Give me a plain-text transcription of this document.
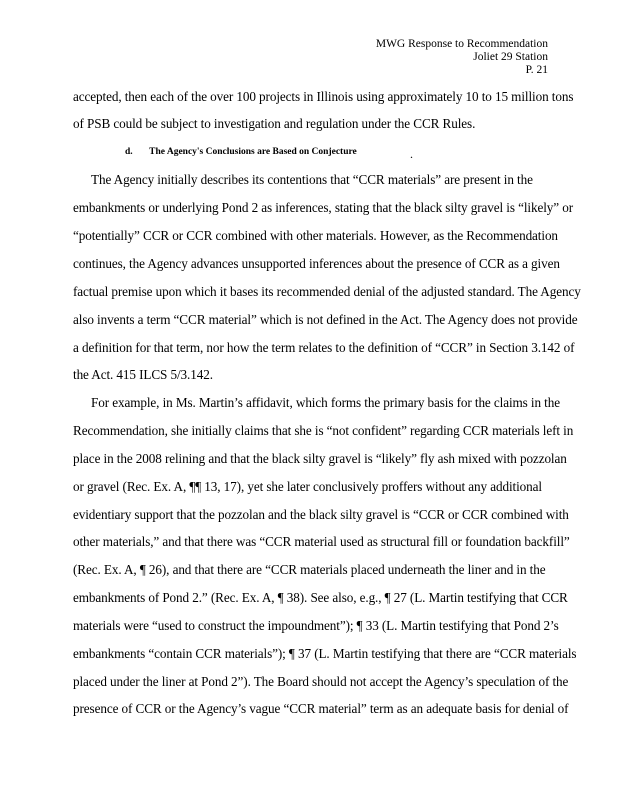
MWG Response to Recommendation
Joliet 29 Station
P. 21
accepted, then each of the over 100 projects in Illinois using approximately 10 to 15 million tons
of PSB could be subject to investigation and regulation under the CCR Rules.
d. The Agency's Conclusions are Based on Conjecture	.
The Agency initially describes its contentions that “CCR materials” are present in the
embankments or underlying Pond 2 as inferences, stating that the black silty gravel is “likely” or
“potentially” CCR or CCR combined with other materials. However, as the Recommendation
continues, the Agency advances unsupported inferences about the presence of CCR as a given
factual premise upon which it bases its recommended denial of the adjusted standard. The Agency
also invents a term “CCR material” which is not defined in the Act. The Agency does not provide
a definition for that term, nor how the term relates to the definition of “CCR” in Section 3.142 of
the Act. 415 ILCS 5/3.142.
For example, in Ms. Martin’s affidavit, which forms the primary basis for the claims in the
Recommendation, she initially claims that she is “not confident” regarding CCR materials left in
place in the 2008 relining and that the black silty gravel is “likely” fly ash mixed with pozzolan
or gravel (Rec. Ex. A, ¶¶ 13, 17), yet she later conclusively proffers without any additional
evidentiary support that the pozzolan and the black silty gravel is “CCR or CCR combined with
other materials,” and that there was “CCR material used as structural fill or foundation backfill”
(Rec. Ex. A, ¶ 26), and that there are “CCR materials placed underneath the liner and in the
embankments of Pond 2.” (Rec. Ex. A, ¶ 38). See also, e.g., ¶ 27 (L. Martin testifying that CCR
materials were “used to construct the impoundment”); ¶ 33 (L. Martin testifying that Pond 2’s
embankments “contain CCR materials”); ¶ 37 (L. Martin testifying that there are “CCR materials
placed under the liner at Pond 2”). The Board should not accept the Agency’s speculation of the
presence of CCR or the Agency’s vague “CCR material” term as an adequate basis for denial of
